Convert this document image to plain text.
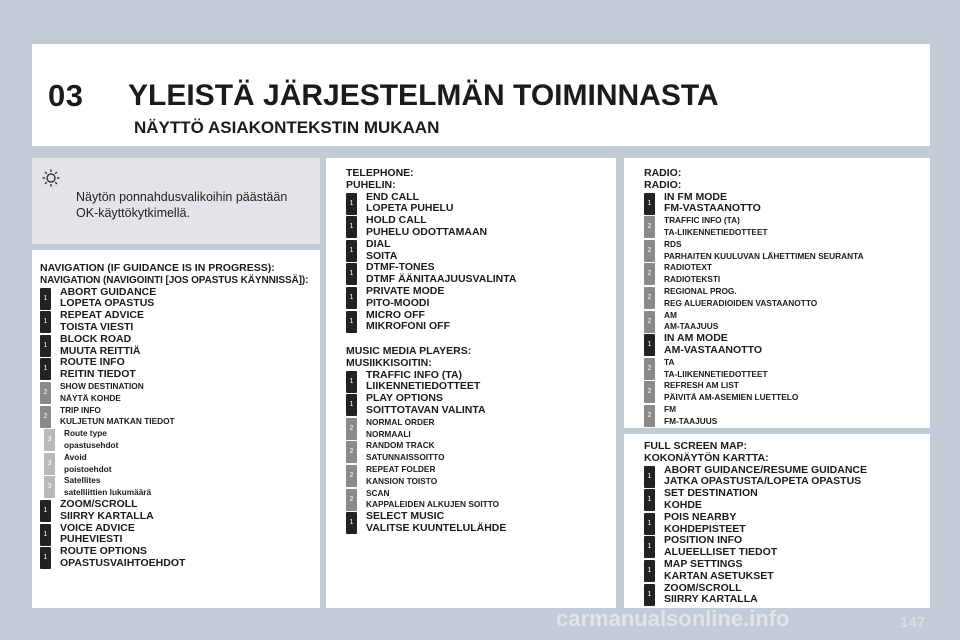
03 YLEISTÄ JÄRJESTELMÄN TOIMINNASTA
NÄYTTÖ ASIAKONTEKSTIN MUKAAN
Näytön ponnahdusvalikoihin päästään
OK-käyttökytkimellä.
NAVIGATION (IF GUIDANCE IS IN PROGRESS):
NAVIGATION (NAVIGOINTI [JOS OPASTUS KÄYNNISSÄ]):
1
ABORT GUIDANCE
LOPETA OPASTUS
1
REPEAT ADVICE
TOISTA VIESTI
1
BLOCK ROAD
MUUTA REITTIÄ
1
ROUTE INFO
REITIN TIEDOT
2
SHOW DESTINATION
NÄYTÄ KOHDE
2
TRIP INFO
KULJETUN MATKAN TIEDOT
3
Route type
opastusehdot
3
Avoid
poistoehdot
3
Satellites
satelliittien lukumäärä
1
ZOOM/SCROLL
SIIRRY KARTALLA
1
VOICE ADVICE
PUHEVIESTI
1
ROUTE OPTIONS
OPASTUSVAIHTOEHDOT
TELEPHONE:
PUHELIN:
1
END CALL
LOPETA PUHELU
1
HOLD CALL
PUHELU ODOTTAMAAN
1
DIAL
SOITA
1
DTMF-TONES
DTMF ÄÄNITAAJUUSVALINTA
1
PRIVATE MODE
PITO-MOODI
1
MICRO OFF
MIKROFONI OFF
MUSIC MEDIA PLAYERS:
MUSIIKKISOITIN:
1
TRAFFIC INFO (TA)
LIIKENNETIEDOTTEET
1
PLAY OPTIONS
SOITTOTAVAN VALINTA
2
NORMAL ORDER
NORMAALI
2
RANDOM TRACK
SATUNNAISSOITTO
2
REPEAT FOLDER
KANSION TOISTO
2
SCAN
KAPPALEIDEN ALKUJEN SOITTO
1
SELECT MUSIC
VALITSE KUUNTELULÄHDE
RADIO:
RADIO:
1
IN FM MODE
FM-VASTAANOTTO
2
TRAFFIC INFO (TA)
TA-LIIKENNETIEDOTTEET
2
RDS
PARHAITEN KUULUVAN LÄHETTIMEN SEURANTA
2
RADIOTEXT
RADIOTEKSTI
2
REGIONAL PROG.
REG ALUERADIOIDEN VASTAANOTTO
2
AM
AM-TAAJUUS
1
IN AM MODE
AM-VASTAANOTTO
2
TA
TA-LIIKENNETIEDOTTEET
2
REFRESH AM LIST
PÄIVITÄ AM-ASEMIEN LUETTELO
2
FM
FM-TAAJUUS
FULL SCREEN MAP:
KOKONÄYTÖN KARTTA:
1
ABORT GUIDANCE/RESUME GUIDANCE
JATKA OPASTUSTA/LOPETA OPASTUS
1
SET DESTINATION
KOHDE
1
POIS NEARBY
KOHDEPISTEET
1
POSITION INFO
ALUEELLISET TIEDOT
1
MAP SETTINGS
KARTAN ASETUKSET
1
ZOOM/SCROLL
SIIRRY KARTALLA
carmanualsonline.info	147
